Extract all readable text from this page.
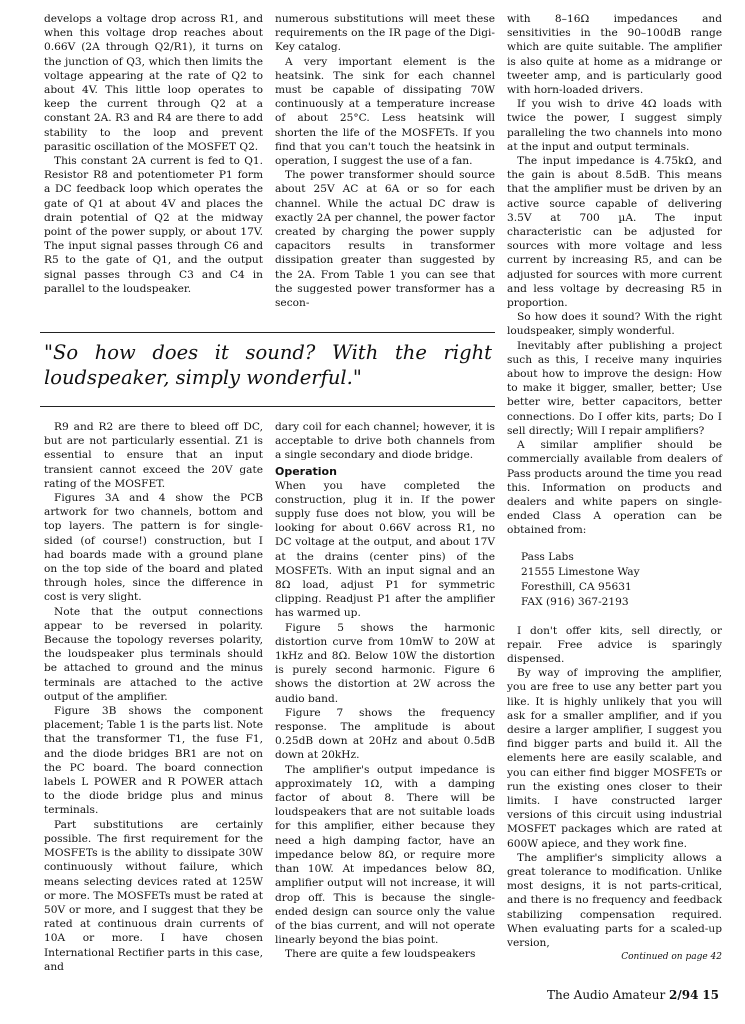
develops a voltage drop across R1, and when this voltage drop reaches about 0.66V (2A through Q2/R1), it turns on the junction of Q3, which then limits the voltage appearing at the rate of Q2 to about 4V. This little loop operates to keep the current through Q2 at a constant 2A. R3 and R4 are there to add stability to the loop and prevent parasitic oscillation of the MOSFET Q2.

This constant 2A current is fed to Q1. Resistor R8 and potentiometer P1 form a DC feedback loop which operates the gate of Q1 at about 4V and places the drain potential of Q2 at the midway point of the power supply, or about 17V. The input signal passes through C6 and R5 to the gate of Q1, and the output signal passes through C3 and C4 in parallel to the loudspeaker.

numerous substitutions will meet these requirements on the IR page of the Digi-Key catalog.

A very important element is the heatsink. The sink for each channel must be capable of dissipating 70W continuously at a temperature increase of about 25°C. Less heatsink will shorten the life of the MOSFETs. If you find that you can't touch the heatsink in operation, I suggest the use of a fan.

The power transformer should source about 25V AC at 6A or so for each channel. While the actual DC draw is exactly 2A per channel, the power factor created by charging the power supply capacitors results in transformer dissipation greater than suggested by the 2A. From Table 1 you can see that the suggested power transformer has a secon-

"So how does it sound? With the right loudspeaker, simply wonderful."

R9 and R2 are there to bleed off DC, but are not particularly essential. Z1 is essential to ensure that an input transient cannot exceed the 20V gate rating of the MOSFET.

Figures 3A and 4 show the PCB artwork for two channels, bottom and top layers. The pattern is for single-sided (of course!) construction, but I had boards made with a ground plane on the top side of the board and plated through holes, since the difference in cost is very slight.

Note that the output connections appear to be reversed in polarity. Because the topology reverses polarity, the loudspeaker plus terminals should be attached to ground and the minus terminals are attached to the active output of the amplifier.

Figure 3B shows the component placement; Table 1 is the parts list. Note that the transformer T1, the fuse F1, and the diode bridges BR1 are not on the PC board. The board connection labels L POWER and R POWER attach to the diode bridge plus and minus terminals.

Part substitutions are certainly possible. The first requirement for the MOSFETs is the ability to dissipate 30W continuously without failure, which means selecting devices rated at 125W or more. The MOSFETs must be rated at 50V or more, and I suggest that they be rated at continuous drain currents of 10A or more. I have chosen International Rectifier parts in this case, and

dary coil for each channel; however, it is acceptable to drive both channels from a single secondary and diode bridge.

Operation

When you have completed the construction, plug it in. If the power supply fuse does not blow, you will be looking for about 0.66V across R1, no DC voltage at the output, and about 17V at the drains (center pins) of the MOSFETs. With an input signal and an 8Ω load, adjust P1 for symmetric clipping. Readjust P1 after the amplifier has warmed up.

Figure 5 shows the harmonic distortion curve from 10mW to 20W at 1kHz and 8Ω. Below 10W the distortion is purely second harmonic. Figure 6 shows the distortion at 2W across the audio band.

Figure 7 shows the frequency response. The amplitude is about 0.25dB down at 20Hz and about 0.5dB down at 20kHz.

The amplifier's output impedance is approximately 1Ω, with a damping factor of about 8. There will be loudspeakers that are not suitable loads for this amplifier, either because they need a high damping factor, have an impedance below 8Ω, or require more than 10W. At impedances below 8Ω, amplifier output will not increase, it will drop off. This is because the single-ended design can source only the value of the bias current, and will not operate linearly beyond the bias point.

There are quite a few loudspeakers

with 8–16Ω impedances and sensitivities in the 90–100dB range which are quite suitable. The amplifier is also quite at home as a midrange or tweeter amp, and is particularly good with horn-loaded drivers.

If you wish to drive 4Ω loads with twice the power, I suggest simply paralleling the two channels into mono at the input and output terminals.

The input impedance is 4.75kΩ, and the gain is about 8.5dB. This means that the amplifier must be driven by an active source capable of delivering 3.5V at 700 µA. The input characteristic can be adjusted for sources with more voltage and less current by increasing R5, and can be adjusted for sources with more current and less voltage by decreasing R5 in proportion.

So how does it sound? With the right loudspeaker, simply wonderful.

Inevitably after publishing a project such as this, I receive many inquiries about how to improve the design: How to make it bigger, smaller, better; Use better wire, better capacitors, better connections. Do I offer kits, parts; Do I sell directly; Will I repair amplifiers?

A similar amplifier should be commercially available from dealers of Pass products around the time you read this. Information on products and dealers and white papers on single-ended Class A operation can be obtained from:

Pass Labs
21555 Limestone Way
Foresthill, CA 95631
FAX (916) 367-2193

I don't offer kits, sell directly, or repair. Free advice is sparingly dispensed.

By way of improving the amplifier, you are free to use any better part you like. It is highly unlikely that you will ask for a smaller amplifier, and if you desire a larger amplifier, I suggest you find bigger parts and build it. All the elements here are easily scalable, and you can either find bigger MOSFETs or run the existing ones closer to their limits. I have constructed larger versions of this circuit using industrial MOSFET packages which are rated at 600W apiece, and they work fine.

The amplifier's simplicity allows a great tolerance to modification. Unlike most designs, it is not parts-critical, and there is no frequency and feedback stabilizing compensation required. When evaluating parts for a scaled-up version,

Continued on page 42
The Audio Amateur 2/94 15
